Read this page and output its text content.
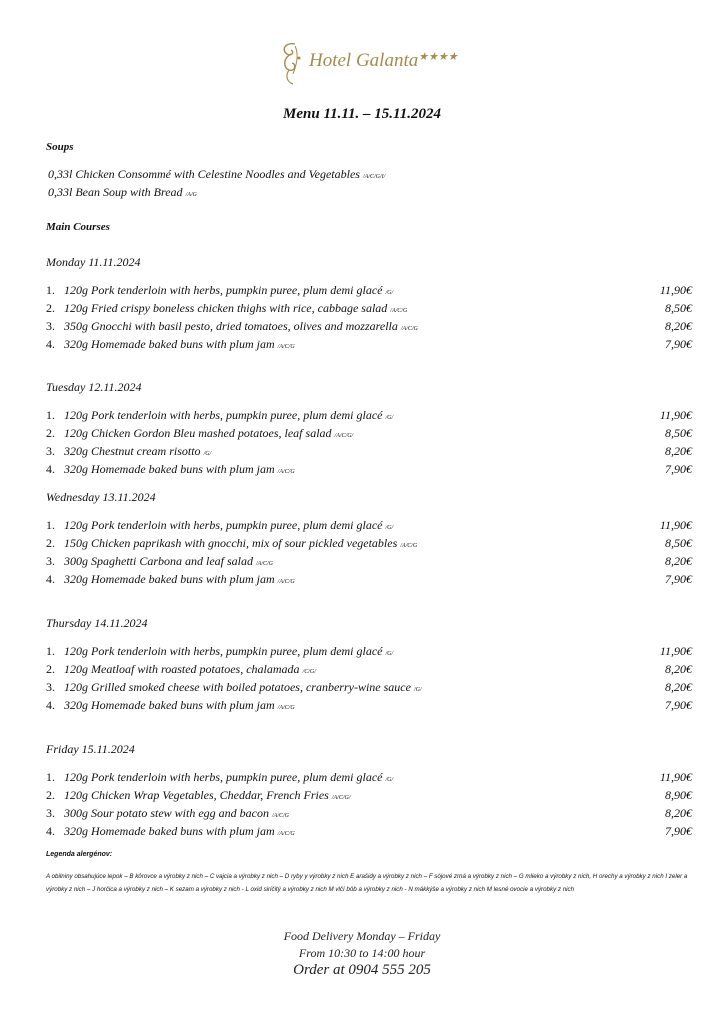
Hotel Galanta★★★★
Menu 11.11. – 15.11.2024
Soups
0,33l Chicken Consommé with Celestine Noodles and Vegetables /A/C/G/I/
0,33l Bean Soup with Bread /A/G
Main Courses
Monday 11.11.2024
1. 120g Pork tenderloin with herbs, pumpkin puree, plum demi glacé /G/	11,90€
2. 120g Fried crispy boneless chicken thighs with rice, cabbage salad /A/C/G	8,50€
3. 350g Gnocchi with basil pesto, dried tomatoes, olives and mozzarella /A/C/G	8,20€
4. 320g Homemade baked buns with plum jam /A/C/G	7,90€
Tuesday 12.11.2024
1. 120g Pork tenderloin with herbs, pumpkin puree, plum demi glacé /G/	11,90€
2. 120g Chicken Gordon Bleu mashed potatoes, leaf salad /A/C/G/	8,50€
3. 320g Chestnut cream risotto /G/	8,20€
4. 320g Homemade baked buns with plum jam /A/C/G	7,90€
Wednesday 13.11.2024
1. 120g Pork tenderloin with herbs, pumpkin puree, plum demi glacé /G/	11,90€
2. 150g Chicken paprikash with gnocchi, mix of sour pickled vegetables /A/C/G	8,50€
3. 300g Spaghetti Carbona and leaf salad /A/C/G	8,20€
4. 320g Homemade baked buns with plum jam /A/C/G	7,90€
Thursday 14.11.2024
1. 120g Pork tenderloin with herbs, pumpkin puree, plum demi glacé /G/	11,90€
2. 120g Meatloaf with roasted potatoes, chalamada /C/G/	8,20€
3. 120g Grilled smoked cheese with boiled potatoes, cranberry-wine sauce /G/	8,20€
4. 320g Homemade baked buns with plum jam /A/C/G	7,90€
Friday 15.11.2024
1. 120g Pork tenderloin with herbs, pumpkin puree, plum demi glacé /G/	11,90€
2. 120g Chicken Wrap Vegetables, Cheddar, French Fries /A/C/G/	8,90€
3. 300g Sour potato stew with egg and bacon /A/C/G	8,20€
4. 320g Homemade baked buns with plum jam /A/C/G	7,90€
Legenda alergénov:
A obilniny obsahujúce lepok – B kôrovce a výrobky z nich – C vajcia a výrobky z nich – D ryby y výrobky z nich E arašidy a výrobky z nich – F sójové zrná a výrobky z nich – G mlieko a výrobky z nich, H orechy a výrobky z nich I zeler a výrobky z nich – J horčica a výrobky z nich – K sezam a výrobky z nich - L oxid siričitý a výrobky z nich M vlčí bôb a výrobky z nich - N mäkkýše a výrobky z nich M lesné ovocie a výrobky z nich
Food Delivery Monday – Friday
From 10:30 to 14:00 hour
Order at 0904 555 205
